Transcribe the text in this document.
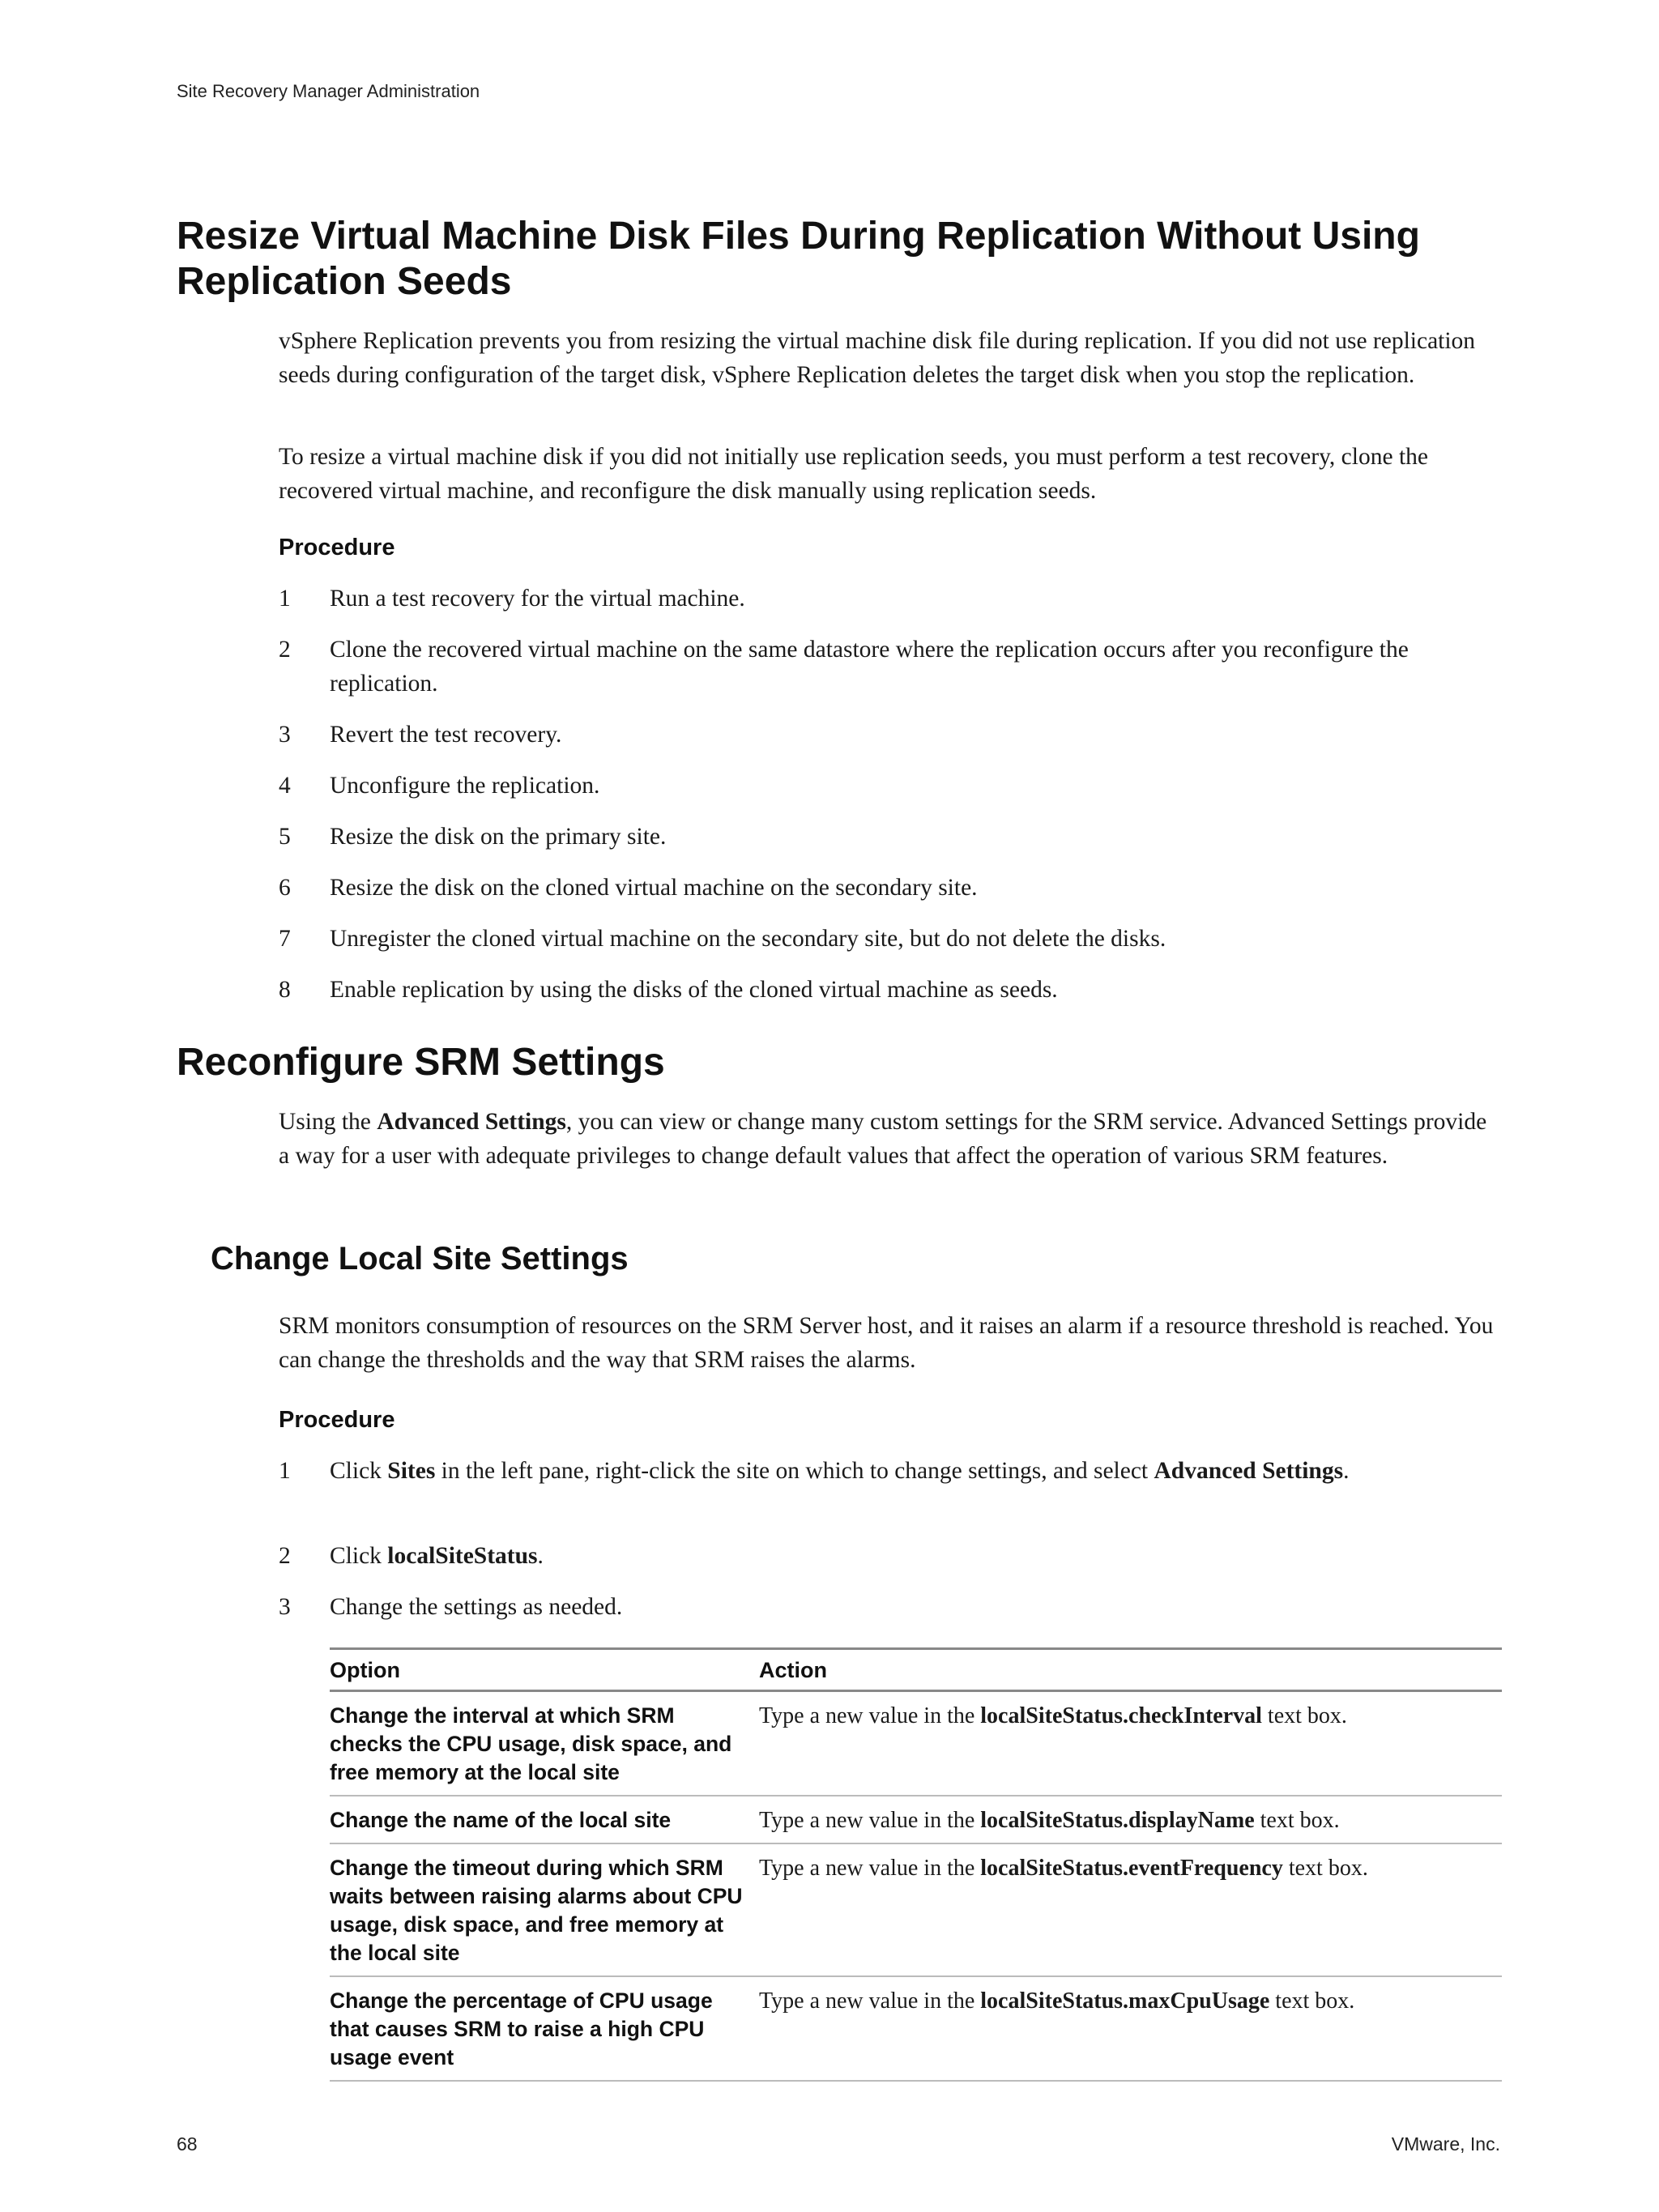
Site Recovery Manager Administration
Resize Virtual Machine Disk Files During Replication Without Using
Replication Seeds

vSphere Replication prevents you from resizing the virtual machine disk file during replication. If you did not use replication seeds during configuration of the target disk, vSphere Replication deletes the target disk when you stop the replication.

To resize a virtual machine disk if you did not initially use replication seeds, you must perform a test recovery, clone the recovered virtual machine, and reconfigure the disk manually using replication seeds.

Procedure

1	Run a test recovery for the virtual machine.
2	Clone the recovered virtual machine on the same datastore where the replication occurs after you reconfigure the replication.
3	Revert the test recovery.
4	Unconfigure the replication.
5	Resize the disk on the primary site.
6	Resize the disk on the cloned virtual machine on the secondary site.
7	Unregister the cloned virtual machine on the secondary site, but do not delete the disks.
8	Enable replication by using the disks of the cloned virtual machine as seeds.
Reconfigure SRM Settings

Using the Advanced Settings, you can view or change many custom settings for the SRM service. Advanced Settings provide a way for a user with adequate privileges to change default values that affect the operation of various SRM features.

Change Local Site Settings

SRM monitors consumption of resources on the SRM Server host, and it raises an alarm if a resource threshold is reached. You can change the thresholds and the way that SRM raises the alarms.

Procedure

1	Click Sites in the left pane, right-click the site on which to change settings, and select Advanced Settings.
2	Click localSiteStatus.
3	Change the settings as needed.
Option	Action
Change the interval at which SRM checks the CPU usage, disk space, and free memory at the local site	Type a new value in the localSiteStatus.checkInterval text box.
Change the name of the local site	Type a new value in the localSiteStatus.displayName text box.
Change the timeout during which SRM waits between raising alarms about CPU usage, disk space, and free memory at the local site	Type a new value in the localSiteStatus.eventFrequency text box.
Change the percentage of CPU usage that causes SRM to raise a high CPU usage event	Type a new value in the localSiteStatus.maxCpuUsage text box.
68	VMware, Inc.
